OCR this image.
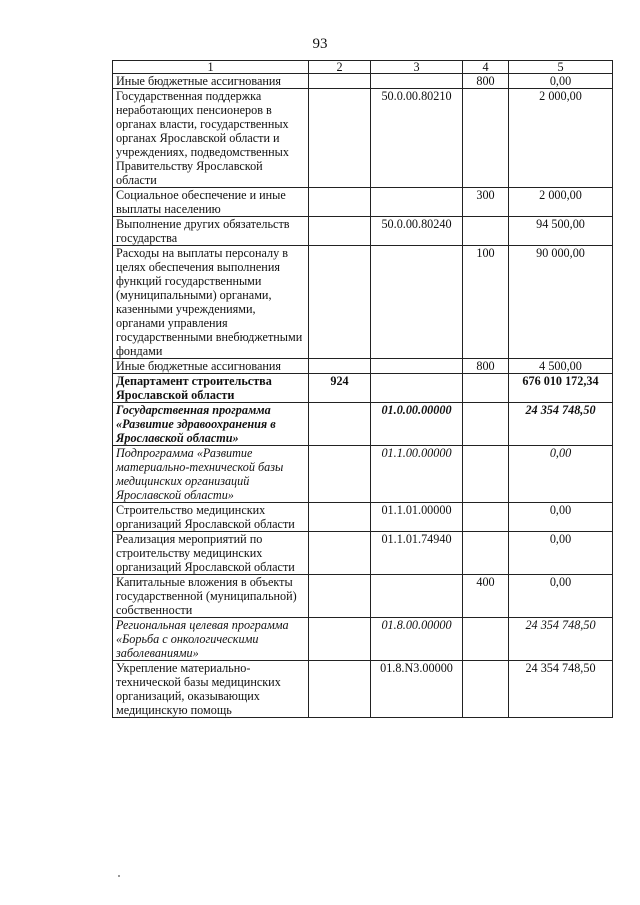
93
1	2	3	4	5
Иные бюджетные ассигнования			800	0,00
Государственная поддержка неработающих пенсионеров в органах власти, государственных органах Ярославской области и учреждениях, подведомственных Правительству Ярославской области		50.0.00.80210		2 000,00
Социальное обеспечение и иные выплаты населению			300	2 000,00
Выполнение других обязательств государства		50.0.00.80240		94 500,00
Расходы на выплаты персоналу в целях обеспечения выполнения функций государственными (муниципальными) органами, казенными учреждениями, органами управления государственными внебюджетными фондами			100	90 000,00
Иные бюджетные ассигнования			800	4 500,00
Департамент строительства Ярославской области	924			676 010 172,34
Государственная программа «Развитие здравоохранения в Ярославской области»		01.0.00.00000		24 354 748,50
Подпрограмма «Развитие материально-технической базы медицинских организаций Ярославской области»		01.1.00.00000		0,00
Строительство медицинских организаций Ярославской области		01.1.01.00000		0,00
Реализация мероприятий по строительству медицинских организаций Ярославской области		01.1.01.74940		0,00
Капитальные вложения в объекты государственной (муниципальной) собственности			400	0,00
Региональная целевая программа «Борьба с онкологическими заболеваниями»		01.8.00.00000		24 354 748,50
Укрепление материально-технической базы медицинских организаций, оказывающих медицинскую помощь		01.8.N3.00000		24 354 748,50
